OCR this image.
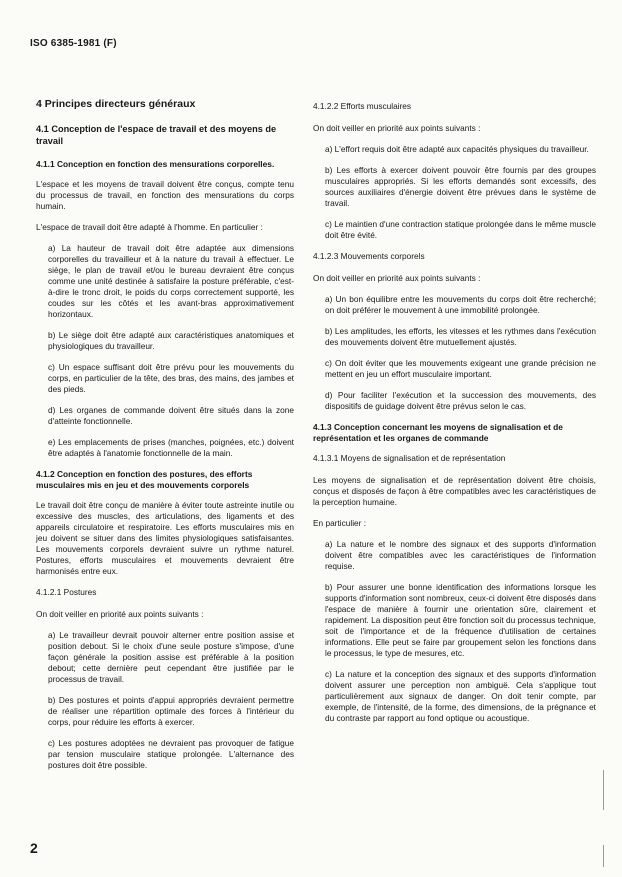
ISO 6385-1981 (F)
4 Principes directeurs généraux
4.1 Conception de l'espace de travail et des moyens de travail
4.1.1 Conception en fonction des mensurations corporelles.
L'espace et les moyens de travail doivent être conçus, compte tenu du processus de travail, en fonction des mensurations du corps humain.
L'espace de travail doit être adapté à l'homme. En particulier :
a) La hauteur de travail doit être adaptée aux dimensions corporelles du travailleur et à la nature du travail à effectuer. Le siège, le plan de travail et/ou le bureau devraient être conçus comme une unité destinée à satisfaire la posture préférable, c'est-à-dire le tronc droit, le poids du corps correctement supporté, les coudes sur les côtés et les avant-bras approximativement horizontaux.
b) Le siège doit être adapté aux caractéristiques anatomiques et physiologiques du travailleur.
c) Un espace suffisant doit être prévu pour les mouvements du corps, en particulier de la tête, des bras, des mains, des jambes et des pieds.
d) Les organes de commande doivent être situés dans la zone d'atteinte fonctionnelle.
e) Les emplacements de prises (manches, poignées, etc.) doivent être adaptés à l'anatomie fonctionnelle de la main.
4.1.2 Conception en fonction des postures, des efforts musculaires mis en jeu et des mouvements corporels
Le travail doit être conçu de manière à éviter toute astreinte inutile ou excessive des muscles, des articulations, des ligaments et des appareils circulatoire et respiratoire. Les efforts musculaires mis en jeu doivent se situer dans des limites physiologiques satisfaisantes. Les mouvements corporels devraient suivre un rythme naturel. Postures, efforts musculaires et mouvements devraient être harmonisés entre eux.
4.1.2.1 Postures
On doit veiller en priorité aux points suivants :
a) Le travailleur devrait pouvoir alterner entre position assise et position debout. Si le choix d'une seule posture s'impose, d'une façon générale la position assise est préférable à la position debout; cette dernière peut cependant être justifiée par le processus de travail.
b) Des postures et points d'appui appropriés devraient permettre de réaliser une répartition optimale des forces à l'intérieur du corps, pour réduire les efforts à exercer.
c) Les postures adoptées ne devraient pas provoquer de fatigue par tension musculaire statique prolongée. L'alternance des postures doit être possible.
4.1.2.2 Efforts musculaires
On doit veiller en priorité aux points suivants :
a) L'effort requis doit être adapté aux capacités physiques du travailleur.
b) Les efforts à exercer doivent pouvoir être fournis par des groupes musculaires appropriés. Si les efforts demandés sont excessifs, des sources auxiliaires d'énergie doivent être prévues dans le système de travail.
c) Le maintien d'une contraction statique prolongée dans le même muscle doit être évité.
4.1.2.3 Mouvements corporels
On doit veiller en priorité aux points suivants :
a) Un bon équilibre entre les mouvements du corps doit être recherché; on doit préférer le mouvement à une immobilité prolongée.
b) Les amplitudes, les efforts, les vitesses et les rythmes dans l'exécution des mouvements doivent être mutuellement ajustés.
c) On doit éviter que les mouvements exigeant une grande précision ne mettent en jeu un effort musculaire important.
d) Pour faciliter l'exécution et la succession des mouvements, des dispositifs de guidage doivent être prévus selon le cas.
4.1.3 Conception concernant les moyens de signalisation et de représentation et les organes de commande
4.1.3.1 Moyens de signalisation et de représentation
Les moyens de signalisation et de représentation doivent être choisis, conçus et disposés de façon à être compatibles avec les caractéristiques de la perception humaine.
En particulier :
a) La nature et le nombre des signaux et des supports d'information doivent être compatibles avec les caractéristiques de l'information requise.
b) Pour assurer une bonne identification des informations lorsque les supports d'information sont nombreux, ceux-ci doivent être disposés dans l'espace de manière à fournir une orientation sûre, clairement et rapidement. La disposition peut être fonction soit du processus technique, soit de l'importance et de la fréquence d'utilisation de certaines informations. Elle peut se faire par groupement selon les fonctions dans le processus, le type de mesures, etc.
c) La nature et la conception des signaux et des supports d'information doivent assurer une perception non ambiguë. Cela s'applique tout particulièrement aux signaux de danger. On doit tenir compte, par exemple, de l'intensité, de la forme, des dimensions, de la prégnance et du contraste par rapport au fond optique ou acoustique.
2
